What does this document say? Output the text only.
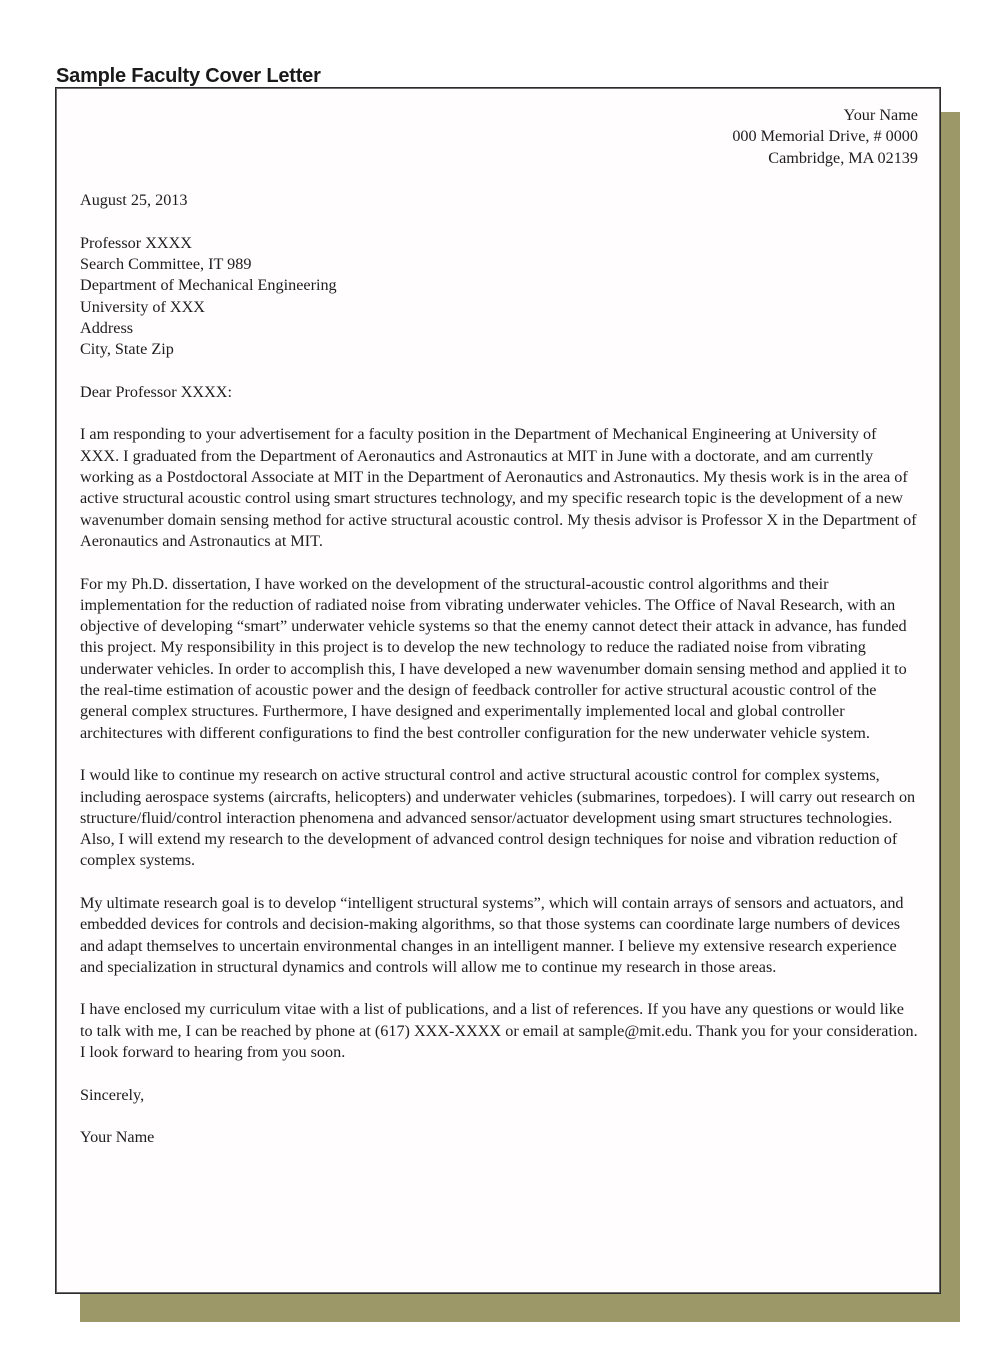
Sample Faculty Cover Letter
Your Name
000 Memorial Drive, # 0000
Cambridge, MA 02139
August 25, 2013
Professor XXXX
Search Committee, IT 989
Department of Mechanical Engineering
University of XXX
Address
City, State Zip
Dear Professor XXXX:

I am responding to your advertisement for a faculty position in the Department of Mechanical Engineering at University of XXX. I graduated from the Department of Aeronautics and Astronautics at MIT in June with a doctorate, and am currently working as a Postdoctoral Associate at MIT in the Department of Aeronautics and Astronautics. My thesis work is in the area of active structural acoustic control using smart structures technology, and my specific research topic is the development of a new wavenumber domain sensing method for active structural acoustic control. My thesis advisor is Professor X in the Department of Aeronautics and Astronautics at MIT.

For my Ph.D. dissertation, I have worked on the development of the structural-acoustic control algorithms and their implementation for the reduction of radiated noise from vibrating underwater vehicles. The Office of Naval Research, with an objective of developing “smart” underwater vehicle systems so that the enemy cannot detect their attack in advance, has funded this project. My responsibility in this project is to develop the new technology to reduce the radiated noise from vibrating underwater vehicles. In order to accomplish this, I have developed a new wavenumber domain sensing method and applied it to the real-time estimation of acoustic power and the design of feedback controller for active structural acoustic control of the general complex structures. Furthermore, I have designed and experimentally implemented local and global controller architectures with different configurations to find the best controller configuration for the new underwater vehicle system.

I would like to continue my research on active structural control and active structural acoustic control for complex systems, including aerospace systems (aircrafts, helicopters) and underwater vehicles (submarines, torpedoes). I will carry out research on structure/fluid/control interaction phenomena and advanced sensor/actuator development using smart structures technologies. Also, I will extend my research to the development of advanced control design techniques for noise and vibration reduction of complex systems.

My ultimate research goal is to develop “intelligent structural systems”, which will contain arrays of sensors and actuators, and embedded devices for controls and decision-making algorithms, so that those systems can coordinate large numbers of devices and adapt themselves to uncertain environmental changes in an intelligent manner. I believe my extensive research experience and specialization in structural dynamics and controls will allow me to continue my research in those areas.

I have enclosed my curriculum vitae with a list of publications, and a list of references. If you have any questions or would like to talk with me, I can be reached by phone at (617) XXX-XXXX or email at sample@mit.edu. Thank you for your consideration. I look forward to hearing from you soon.

Sincerely,
Your Name
